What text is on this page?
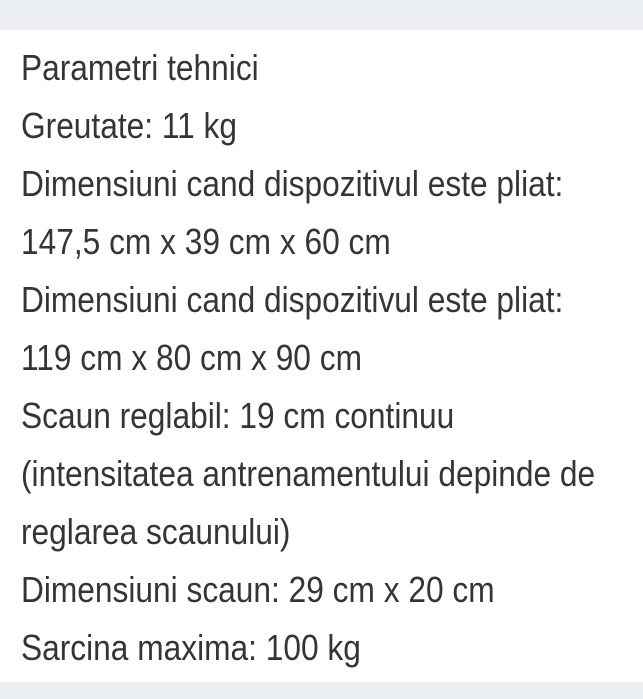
Parametri tehnici

Greutate: 11 kg

Dimensiuni cand dispozitivul este pliat:

147,5 cm x 39 cm x 60 cm

Dimensiuni cand dispozitivul este pliat:

119 cm x 80 cm x 90 cm

Scaun reglabil: 19 cm continuu

(intensitatea antrenamentului depinde de

reglarea scaunului)

Dimensiuni scaun: 29 cm x 20 cm

Sarcina maxima: 100 kg
